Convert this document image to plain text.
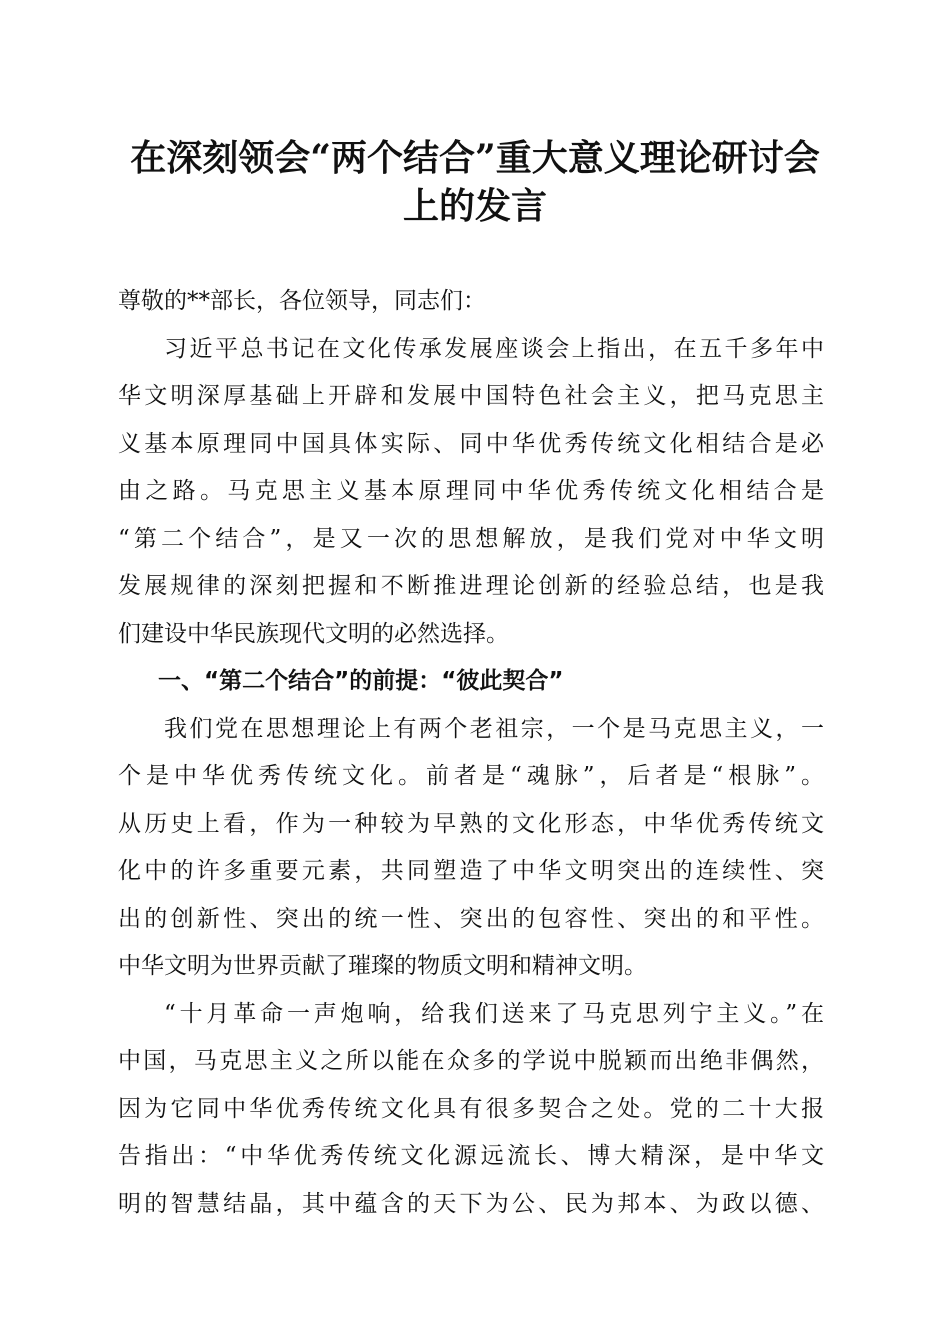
在深刻领会“两个结合”重大意义理论研讨会
上的发言
尊敬的**部长，各位领导，同志们：
习近平总书记在文化传承发展座谈会上指出，在五千多年中
华文明深厚基础上开辟和发展中国特色社会主义，把马克思主
义基本原理同中国具体实际、同中华优秀传统文化相结合是必
由之路。马克思主义基本原理同中华优秀传统文化相结合是
“第二个结合”，是又一次的思想解放，是我们党对中华文明
发展规律的深刻把握和不断推进理论创新的经验总结，也是我
们建设中华民族现代文明的必然选择。
一、“第二个结合”的前提：“彼此契合”
我们党在思想理论上有两个老祖宗，一个是马克思主义，一
个是中华优秀传统文化。前者是“魂脉”，后者是“根脉”。
从历史上看，作为一种较为早熟的文化形态，中华优秀传统文
化中的许多重要元素，共同塑造了中华文明突出的连续性、突
出的创新性、突出的统一性、突出的包容性、突出的和平性。
中华文明为世界贡献了璀璨的物质文明和精神文明。
“十月革命一声炮响，给我们送来了马克思列宁主义。”在
中国，马克思主义之所以能在众多的学说中脱颖而出绝非偶然，
因为它同中华优秀传统文化具有很多契合之处。党的二十大报
告指出：“中华优秀传统文化源远流长、博大精深，是中华文
明的智慧结晶，其中蕴含的天下为公、民为邦本、为政以德、
